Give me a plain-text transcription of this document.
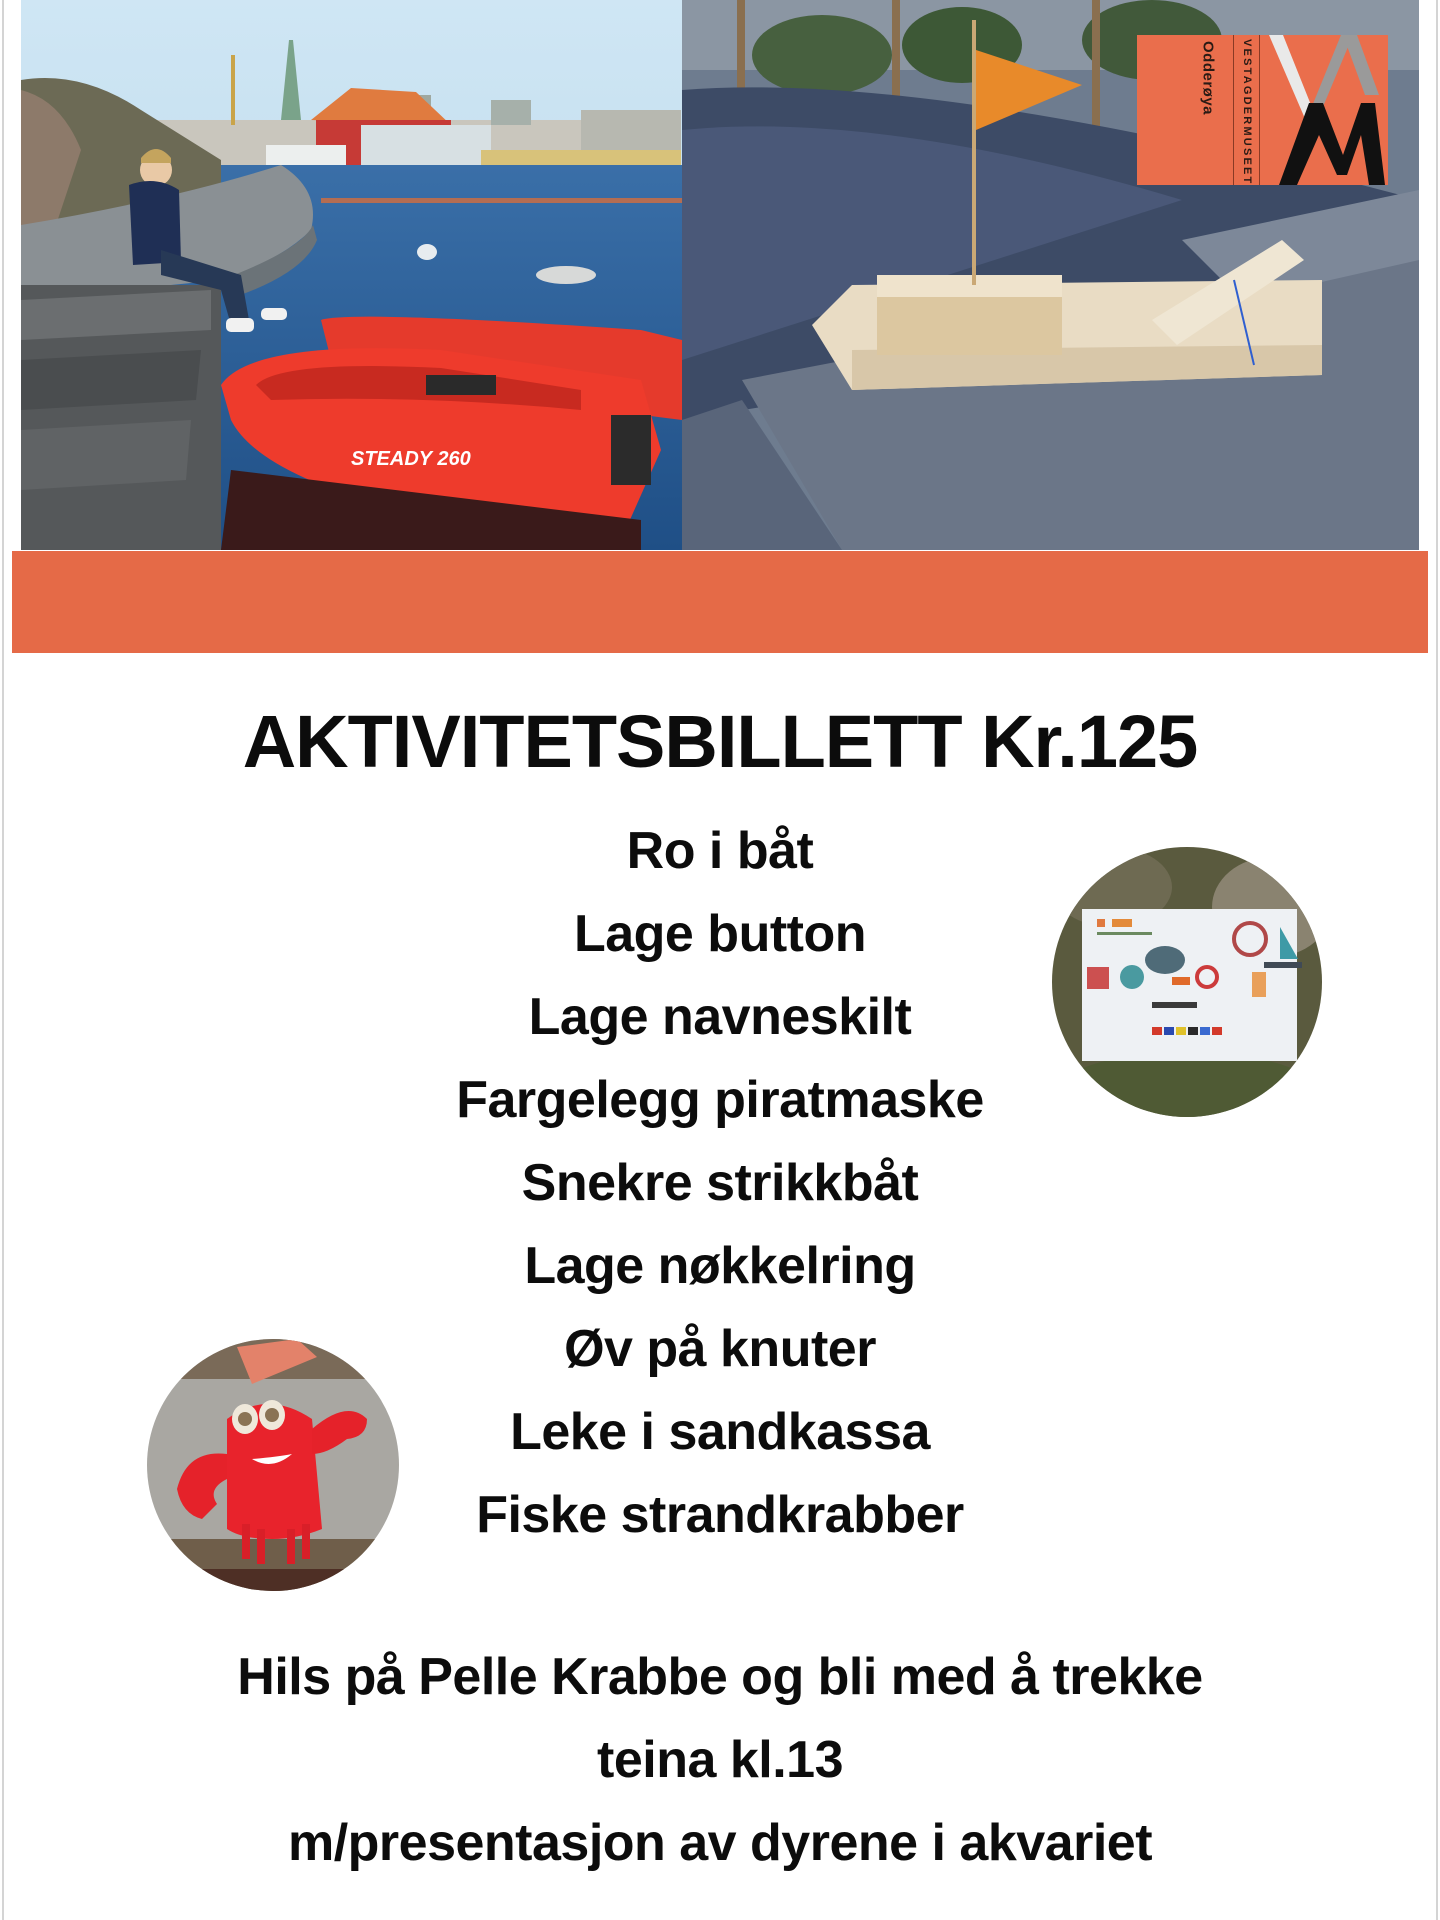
STEADY 260
Odderøya	VESTAGDERMUSEET
AKTIVITETSBILLETT Kr.125
Ro i båt
Lage button
Lage navneskilt
Fargelegg piratmaske
Snekre strikkbåt
Lage nøkkelring
Øv på knuter
Leke i sandkassa
Fiske strandkrabber

Hils på Pelle Krabbe og bli med å trekke

teina kl.13

m/presentasjon av dyrene i akvariet
